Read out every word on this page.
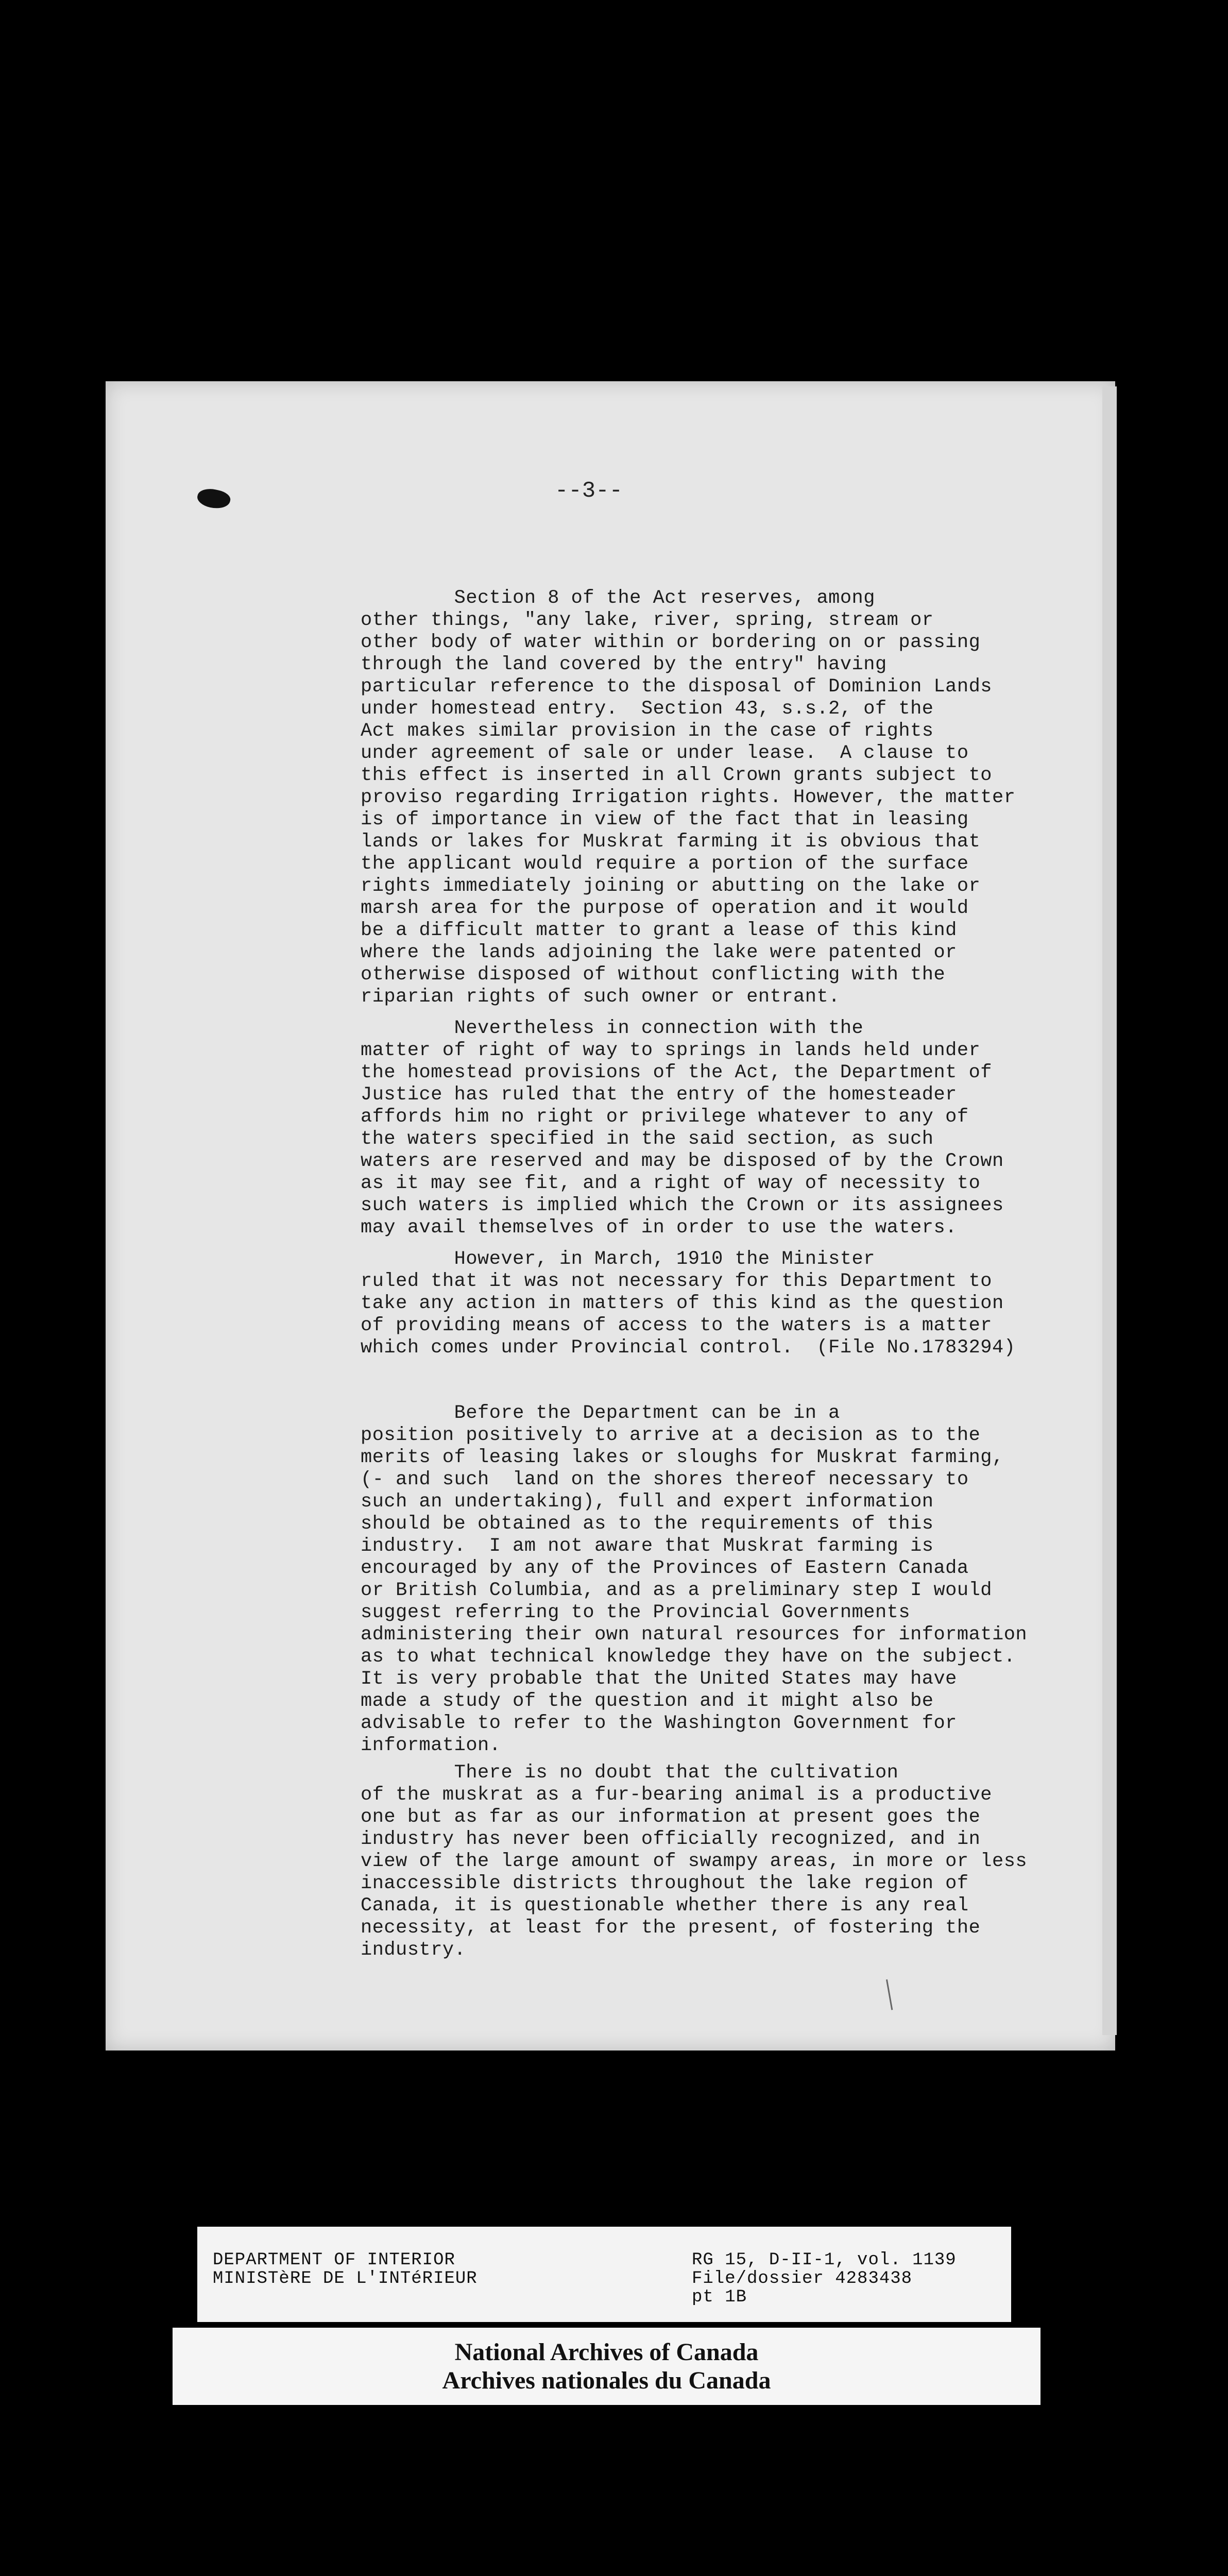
--3--

Section 8 of the Act reserves, among

other things, "any lake, river, spring, stream or

other body of water within or bordering on or passing

through the land covered by the entry" having

particular reference to the disposal of Dominion Lands

under homestead entry.  Section 43, s.s.2, of the

Act makes similar provision in the case of rights

under agreement of sale or under lease.  A clause to

this effect is inserted in all Crown grants subject to

proviso regarding Irrigation rights. However, the matter

is of importance in view of the fact that in leasing

lands or lakes for Muskrat farming it is obvious that

the applicant would require a portion of the surface

rights immediately joining or abutting on the lake or

marsh area for the purpose of operation and it would

be a difficult matter to grant a lease of this kind

where the lands adjoining the lake were patented or

otherwise disposed of without conflicting with the

riparian rights of such owner or entrant.

Nevertheless in connection with the

matter of right of way to springs in lands held under

the homestead provisions of the Act, the Department of

Justice has ruled that the entry of the homesteader

affords him no right or privilege whatever to any of

the waters specified in the said section, as such

waters are reserved and may be disposed of by the Crown

as it may see fit, and a right of way of necessity to

such waters is implied which the Crown or its assignees

may avail themselves of in order to use the waters.

However, in March, 1910 the Minister

ruled that it was not necessary for this Department to

take any action in matters of this kind as the question

of providing means of access to the waters is a matter

which comes under Provincial control.  (File No.1783294)

Before the Department can be in a

position positively to arrive at a decision as to the

merits of leasing lakes or sloughs for Muskrat farming,

(- and such  land on the shores thereof necessary to

such an undertaking), full and expert information

should be obtained as to the requirements of this

industry.  I am not aware that Muskrat farming is

encouraged by any of the Provinces of Eastern Canada

or British Columbia, and as a preliminary step I would

suggest referring to the Provincial Governments

administering their own natural resources for information

as to what technical knowledge they have on the subject.

It is very probable that the United States may have

made a study of the question and it might also be

advisable to refer to the Washington Government for

information.

There is no doubt that the cultivation

of the muskrat as a fur-bearing animal is a productive

one but as far as our information at present goes the

industry has never been officially recognized, and in

view of the large amount of swampy areas, in more or less

inaccessible districts throughout the lake region of

Canada, it is questionable whether there is any real

necessity, at least for the present, of fostering the

industry.

DEPARTMENT OF INTERIOR
MINISTèRE DE L'INTéRIEUR
RG 15, D-II-1, vol. 1139
File/dossier 4283438
pt 1B
National Archives of Canada
Archives nationales du Canada
